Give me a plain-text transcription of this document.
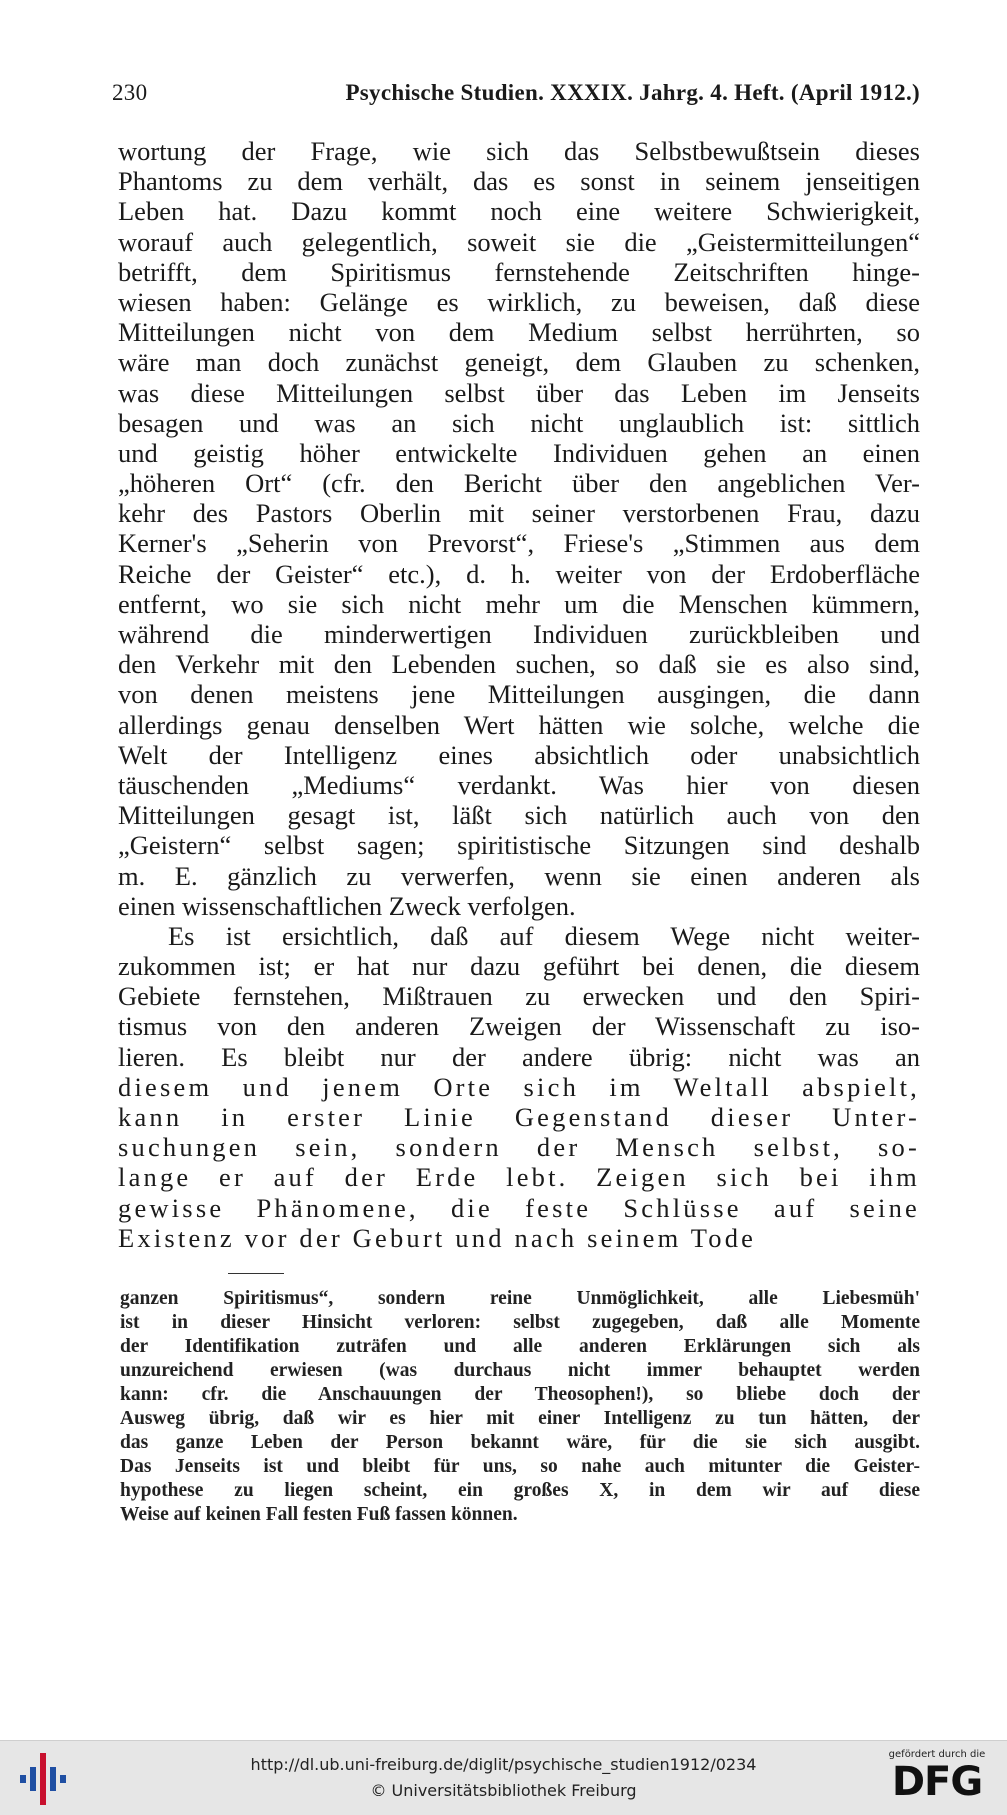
230	Psychische Studien. XXXIX. Jahrg. 4. Heft. (April 1912.)
wortung der Frage, wie sich das Selbstbewußtsein dieses
Phantoms zu dem verhält, das es sonst in seinem jenseitigen
Leben hat. Dazu kommt noch eine weitere Schwierigkeit,
worauf auch gelegentlich, soweit sie die „Geistermitteilungen“
betrifft, dem Spiritismus fernstehende Zeitschriften hinge-
wiesen haben: Gelänge es wirklich, zu beweisen, daß diese
Mitteilungen nicht von dem Medium selbst herrührten, so
wäre man doch zunächst geneigt, dem Glauben zu schenken,
was diese Mitteilungen selbst über das Leben im Jenseits
besagen und was an sich nicht unglaublich ist: sittlich
und geistig höher entwickelte Individuen gehen an einen
„höheren Ort“ (cfr. den Bericht über den angeblichen Ver-
kehr des Pastors Oberlin mit seiner verstorbenen Frau, dazu
Kerner's „Seherin von Prevorst“, Friese's „Stimmen aus dem
Reiche der Geister“ etc.), d. h. weiter von der Erdoberfläche
entfernt, wo sie sich nicht mehr um die Menschen kümmern,
während die minderwertigen Individuen zurückbleiben und
den Verkehr mit den Lebenden suchen, so daß sie es also sind,
von denen meistens jene Mitteilungen ausgingen, die dann
allerdings genau denselben Wert hätten wie solche, welche die
Welt der Intelligenz eines absichtlich oder unabsichtlich
täuschenden „Mediums“ verdankt. Was hier von diesen
Mitteilungen gesagt ist, läßt sich natürlich auch von den
„Geistern“ selbst sagen; spiritistische Sitzungen sind deshalb
m. E. gänzlich zu verwerfen, wenn sie einen anderen als
einen wissenschaftlichen Zweck verfolgen.
Es ist ersichtlich, daß auf diesem Wege nicht weiter-
zukommen ist; er hat nur dazu geführt bei denen, die diesem
Gebiete fernstehen, Mißtrauen zu erwecken und den Spiri-
tismus von den anderen Zweigen der Wissenschaft zu iso-
lieren. Es bleibt nur der andere übrig: nicht was an
diesem und jenem Orte sich im Weltall abspielt,
kann in erster Linie Gegenstand dieser Unter-
suchungen sein, sondern der Mensch selbst, so-
lange er auf der Erde lebt. Zeigen sich bei ihm
gewisse Phänomene, die feste Schlüsse auf seine
Existenz vor der Geburt und nach seinem Tode
ganzen Spiritismus“, sondern reine Unmöglichkeit, alle Liebesmüh'
ist in dieser Hinsicht verloren: selbst zugegeben, daß alle Momente
der Identifikation zuträfen und alle anderen Erklärungen sich als
unzureichend erwiesen (was durchaus nicht immer behauptet werden
kann: cfr. die Anschauungen der Theosophen!), so bliebe doch der
Ausweg übrig, daß wir es hier mit einer Intelligenz zu tun hätten, der
das ganze Leben der Person bekannt wäre, für die sie sich ausgibt.
Das Jenseits ist und bleibt für uns, so nahe auch mitunter die Geister-
hypothese zu liegen scheint, ein großes X, in dem wir auf diese
Weise auf keinen Fall festen Fuß fassen können.
http://dl.ub.uni-freiburg.de/diglit/psychische_studien1912/0234
© Universitätsbibliothek Freiburg
gefördert durch die
DFG
